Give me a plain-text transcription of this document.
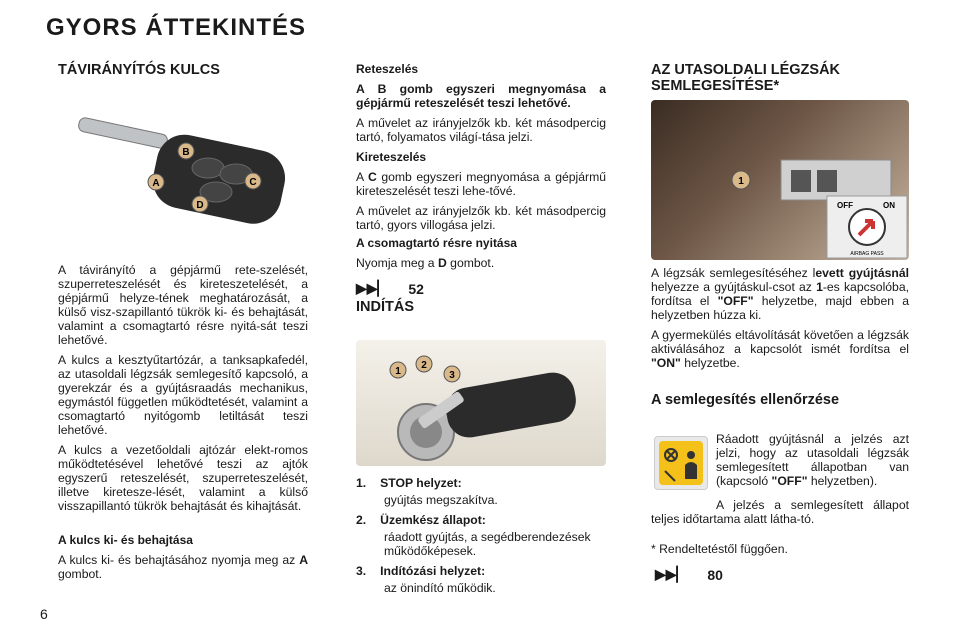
GYORS ÁTTEKINTÉS
TÁVIRÁNYÍTÓS KULCS
A
B
C
D

A távirányító a gépjármű rete-szelését, szuperreteszelését és kireteszetelését, a gépjármű helyze-tének meghatározását, a külső visz-szapillantó tükrök ki- és behajtását, valamint a csomagtartó résre nyitá-sát teszi lehetővé.

A kulcs a kesztyűtartózár, a tanksapkafedél, az utasoldali légzsák semlegesítő kapcsoló, a gyerekzár és a gyújtásraadás mechanikus, egymástól független működtetését, valamint a csomagtartó nyitógomb letiltását teszi lehetővé.

A kulcs a vezetőoldali ajtózár elekt-romos működtetésével lehetővé teszi az ajtók egyszerű reteszelését, szuperreteszelését, illetve kiretesze-lését, valamint a külső visszapillantó tükrök behajtását és kihajtását.

A kulcs ki- és behajtása

A kulcs ki- és behajtásához nyomja meg az A gombot.

Reteszelés

A B gomb egyszeri megnyomása a gépjármű reteszelését teszi lehetővé.

A művelet az irányjelzők kb. két másodpercig tartó, folyamatos világí-tása jelzi.

Kireteszelés

A C gomb egyszeri megnyomása a gépjármű kireteszelését teszi lehe-tővé.

A művelet az irányjelzők kb. két másodpercig tartó, gyors villogása jelzi.

A csomagtartó résre nyitása

Nyomja meg a D gombot.

▶▶▏ 52
INDÍTÁS
1
2
3
1. STOP helyzet:
gyújtás megszakítva.
2. Üzemkész állapot:
ráadott gyújtás, a segédberendezések működőképesek.
3. Indítózási helyzet:
az önindító működik.
AZ UTASOLDALI LÉGZSÁK SEMLEGESÍTÉSE*
1
OFF	ON
AIRBAG PASS

A légzsák semlegesítéséhez levett gyújtásnál helyezze a gyújtáskul-csot az 1-es kapcsolóba, fordítsa el "OFF" helyzetbe, majd ebben a helyzetben húzza ki.

A gyermekülés eltávolítását követően a légzsák aktiválásához a kapcsolót ismét fordítsa el "ON" helyzetbe.

A semlegesítés ellenőrzése

Ráadott gyújtásnál a jelzés azt jelzi, hogy az utasoldali légzsák semlegesített állapotban van (kapcsoló "OFF" helyzetben).

A jelzés a semlegesített állapot teljes időtartama alatt látha-tó.

* Rendeltetéstől függően.

▶▶▏ 80
6
